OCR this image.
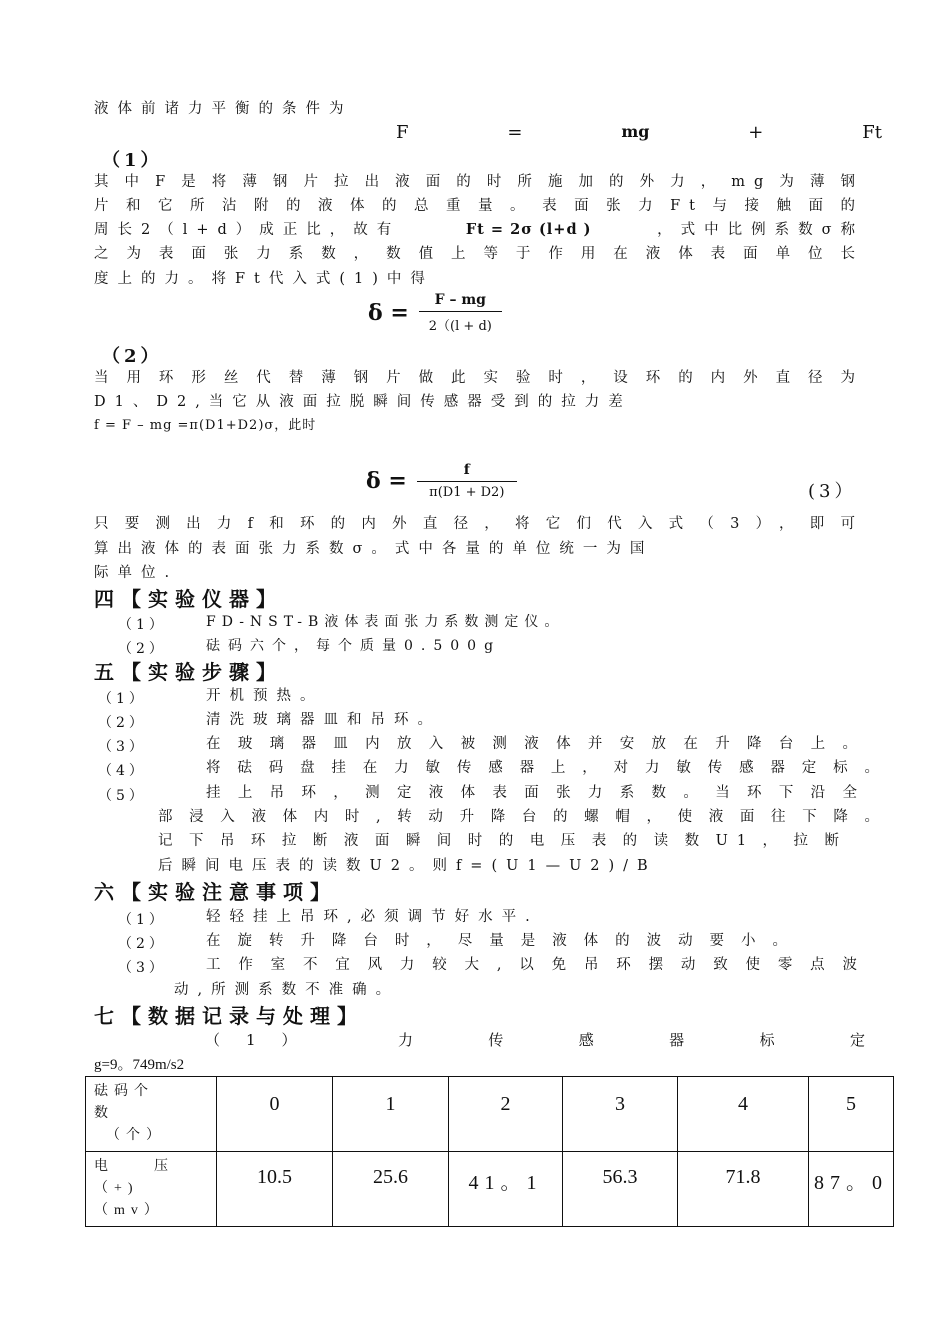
液体前诸力平衡的条件为
F	=	mg	+	Ft
（1）
其中F是将薄钢片拉出液面的时所施加的外力，mg为薄钢
片和它所沾附的液体的总重量。表面张力Ft与接触面的
周长2（l+d）成正比，故有	Ft = 2σ (l+d )	，式中比例系数σ称
之为表面张力系数，数值上等于作用在液体表面单位长
度上的力。将Ft代入式(1)中得
$\delta = \frac{F - mg}{2((l + d)}$
（2）
当用环形丝代替薄钢片做此实验时，设环的内外直径为
D1、D2,当它从液面拉脱瞬间传感器受到的拉力差
f = F – mg =π(D1+D2)σ，此时
$\delta = \frac{f}{\pi(D1 + D2)}$	(3）
只要测出力f和环的内外直径，将它们代入式（3），即可
算出液体的表面张力系数σ。式中各量的单位统一为国
际单位.
四【实验仪器】
（1）	FD-NST-B液体表面张力系数测定仪。
（2）	砝码六个，每个质量0.500g
五【实验步骤】
（1）	开机预热。
（2）	清洗玻璃器皿和吊环。
（3）	在玻璃器皿内放入被测液体并安放在升降台上。
（4）	将砝码盘挂在力敏传感器上，对力敏传感器定标。
（5）	挂上吊环，测定液体表面张力系数。当环下沿全
部浸入液体内时,转动升降台的螺帽，使液面往下降。
记下吊环拉断液面瞬间时的电压表的读数U1，拉断
后瞬间电压表的读数U2。则f=(U1—U2)/B
六【实验注意事项】
（1）	轻轻挂上吊环,必须调节好水平.
（2）	在旋转升降台时，尽量是液体的波动要小。
（3）	工作室不宜风力较大,以免吊环摆动致使零点波
动,所测系数不准确。
七【数据记录与处理】
（1）	力	传	感	器	标	定
g=9。749m/s2
砝码个
数
（个）	0	1	2	3	4	5

电　　压
（+)
（mv）	10.5	25.6	41。1	56.3	71.8	87。0
